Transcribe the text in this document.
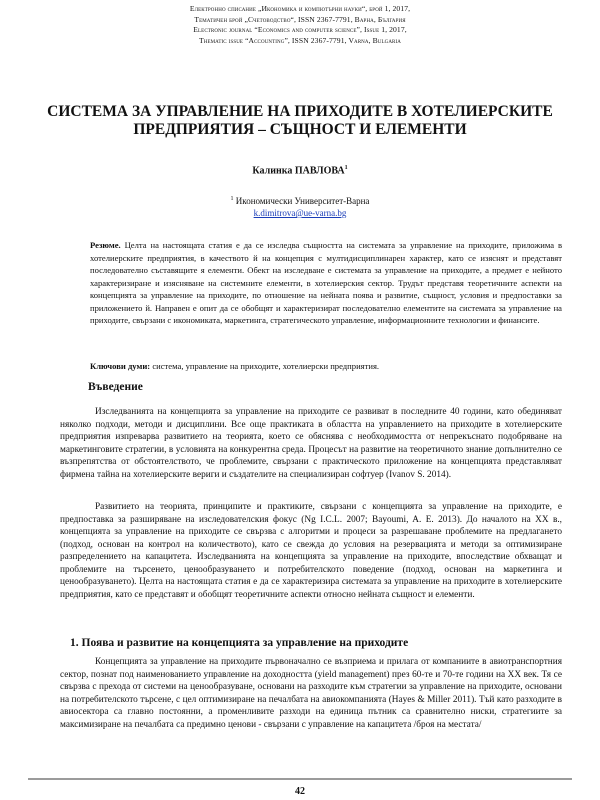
Електронно списание „Икономика и компютърни науки“, брой 1, 2017,
Тематичен брой „Счетоводство“, ISSN 2367-7791, Варна, България
Electronic journal “Economics and computer science”, Issue 1, 2017,
Thematic issue “Accounting”, ISSN 2367-7791, Varna, Bulgaria
СИСТЕМА ЗА УПРАВЛЕНИЕ НА ПРИХОДИТЕ В ХОТЕЛИЕРСКИТЕ ПРЕДПРИЯТИЯ – СЪЩНОСТ И ЕЛЕМЕНТИ
Калинка ПАВЛОВА$^1$
$^1$ Икономически Университет-Варна
k.dimitrova@ue-varna.bg
Резюме. Целта на настоящата статия е да се изследва същността на системата за управление на приходите, приложима в хотелиерските предприятия, в качеството й на концепция с мултидисциплинарен характер, като се изяснят и представят последователно съставящите я елементи. Обект на изследване е системата за управление на приходите, а предмет е нейното характеризиране и изясняване на системните елементи, в хотелиерския сектор. Трудът представя теоретичните аспекти на концепцията за управление на приходите, по отношение на нейната поява и развитие, същност, условия и предпоставки за приложението й. Направен е опит да се обобщят и характеризират последователно елементите на системата за управление на приходите, свързани с икономиката, маркетинга, стратегическото управление, информационните технологии и финансите.
Ключови думи: система, управление на приходите, хотелиерски предприятия.
Въведение

Изследванията на концепцията за управление на приходите се развиват в последните 40 години, като обединяват няколко подходи, методи и дисциплини. Все още практиката в областта на управлението на приходите в хотелиерските предприятия изпреварва развитието на теорията, което се обяснява с необходимостта от непрекъснато подобряване на маркетинговите стратегии, в условията на конкурентна среда. Процесът на развитие на теоретичното знание допълнително се възпрепятства от обстоятелството, че проблемите, свързани с практическото приложение на концепцията представляват фирмена тайна на хотелиерските вериги и създателите на специализиран софтуер (Ivanov S. 2014).

Развитието на теорията, принципите и практиките, свързани с концепцията за управление на приходите, е предпоставка за разширяване на изследователския фокус (Ng I.C.L. 2007; Bayoumi, A. E. 2013). До началото на XX в., концепцията за управление на приходите се свързва с алгоритми и процеси за разрешаване проблемите на предлагането (подход, основан на контрол на количеството), като се свежда до условия на резервацията и методи за оптимизиране разпределението на капацитета. Изследванията на концепцията за управление на приходите, впоследствие обхващат и проблемите на търсенето, ценообразуването и потребителското поведение (подход, основан на маркетинга и ценообразуването). Целта на настоящата статия е да се характеризира системата за управление на приходите в хотелиерските предприятия, като се представят и обобщят теоретичните аспекти относно нейната същност и елементи.

1. Поява и развитие на концепцията за управление на приходите

Концепцията за управление на приходите първоначално се възприема и прилага от компаниите в авиотранспортния сектор, познат под наименованието управление на доходността (yield management) през 60-те и 70-те години на XX век. Тя се свързва с прехода от системи на ценообразуване, основани на разходите към стратегии за управление на приходите, основани на потребителското търсене, с цел оптимизиране на печалбата на авиокомпанията (Hayes & Miller 2011). Тъй като разходите в авиосектора са главно постоянни, а променливите разходи на единица пътник са сравнително ниски, стратегиите за максимизиране на печалбата са предимно ценови - свързани с управление на капацитета /броя на местата/

42
